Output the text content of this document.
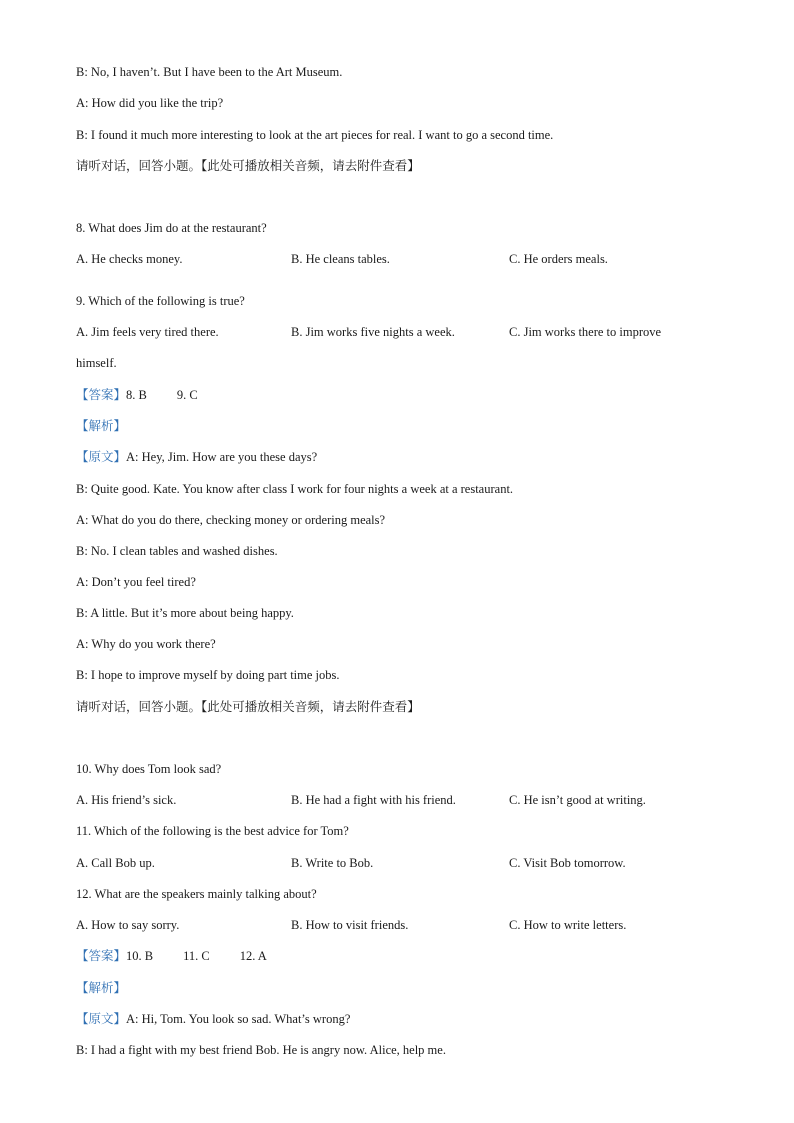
B: No, I haven’t. But I have been to the Art Museum.
A: How did you like the trip?
B: I found it much more interesting to look at the art pieces for real. I want to go a second time.
请听对话，回答小题。【此处可播放相关音频，请去附件查看】
8. What does Jim do at the restaurant?
A. He checks money.	B. He cleans tables.	C. He orders meals.
9. Which of the following is true?
A. Jim feels very tired there.	B. Jim works five nights a week.	C. Jim works there to improve
himself.
【答案】8. B 9. C
【解析】
【原文】A: Hey, Jim. How are you these days?
B: Quite good. Kate. You know after class I work for four nights a week at a restaurant.
A: What do you do there, checking money or ordering meals?
B: No. I clean tables and washed dishes.
A: Don’t you feel tired?
B: A little. But it’s more about being happy.
A: Why do you work there?
B: I hope to improve myself by doing part time jobs.
请听对话，回答小题。【此处可播放相关音频，请去附件查看】
10. Why does Tom look sad?
A. His friend’s sick.	B. He had a fight with his friend.	C. He isn’t good at writing.
11. Which of the following is the best advice for Tom?
A. Call Bob up.	B. Write to Bob.	C. Visit Bob tomorrow.
12. What are the speakers mainly talking about?
A. How to say sorry.	B. How to visit friends.	C. How to write letters.
【答案】10. B 11. C 12. A
【解析】
【原文】A: Hi, Tom. You look so sad. What’s wrong?
B: I had a fight with my best friend Bob. He is angry now. Alice, help me.
